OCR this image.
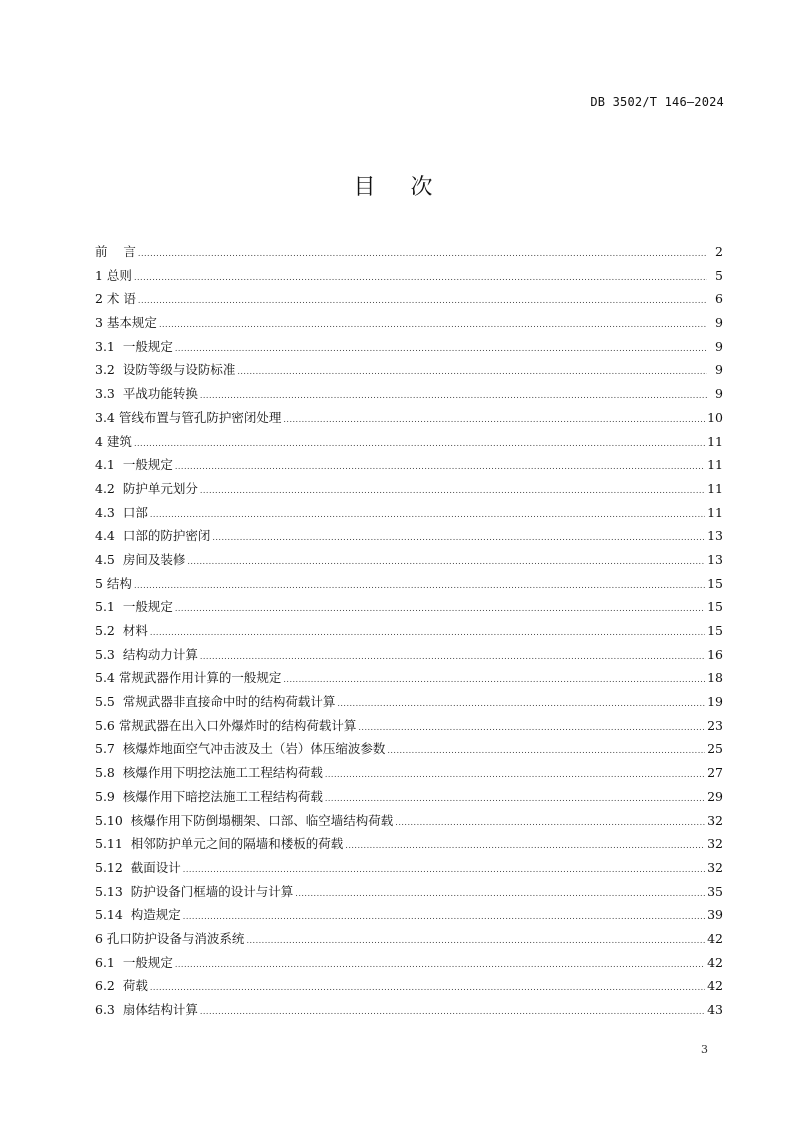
DB 3502/T 146—2024
目 次
前    言 .....	2
1 总则 .....	5
2 术 语 .....	6
3 基本规定 .....	9
3.1  一般规定 .....	9
3.2  设防等级与设防标准 .....	9
3.3  平战功能转换 .....	9
3.4 管线布置与管孔防护密闭处理 .....	10
4 建筑 .....	11
4.1  一般规定 .....	11
4.2  防护单元划分 .....	11
4.3  口部 .....	11
4.4  口部的防护密闭 .....	13
4.5  房间及装修 .....	13
5 结构 .....	15
5.1  一般规定 .....	15
5.2  材料 .....	15
5.3  结构动力计算 .....	16
5.4 常规武器作用计算的一般规定 .....	18
5.5  常规武器非直接命中时的结构荷载计算 .....	19
5.6 常规武器在出入口外爆炸时的结构荷载计算 .....	23
5.7  核爆炸地面空气冲击波及土（岩）体压缩波参数 .....	25
5.8  核爆作用下明挖法施工工程结构荷载 .....	27
5.9  核爆作用下暗挖法施工工程结构荷载 .....	29
5.10  核爆作用下防倒塌棚架、口部、临空墙结构荷载 .....	32
5.11  相邻防护单元之间的隔墙和楼板的荷载 .....	32
5.12  截面设计 .....	32
5.13  防护设备门框墙的设计与计算 .....	35
5.14  构造规定 .....	39
6 孔口防护设备与消波系统 .....	42
6.1  一般规定 .....	42
6.2  荷载 .....	42
6.3  扇体结构计算 .....	43
3
